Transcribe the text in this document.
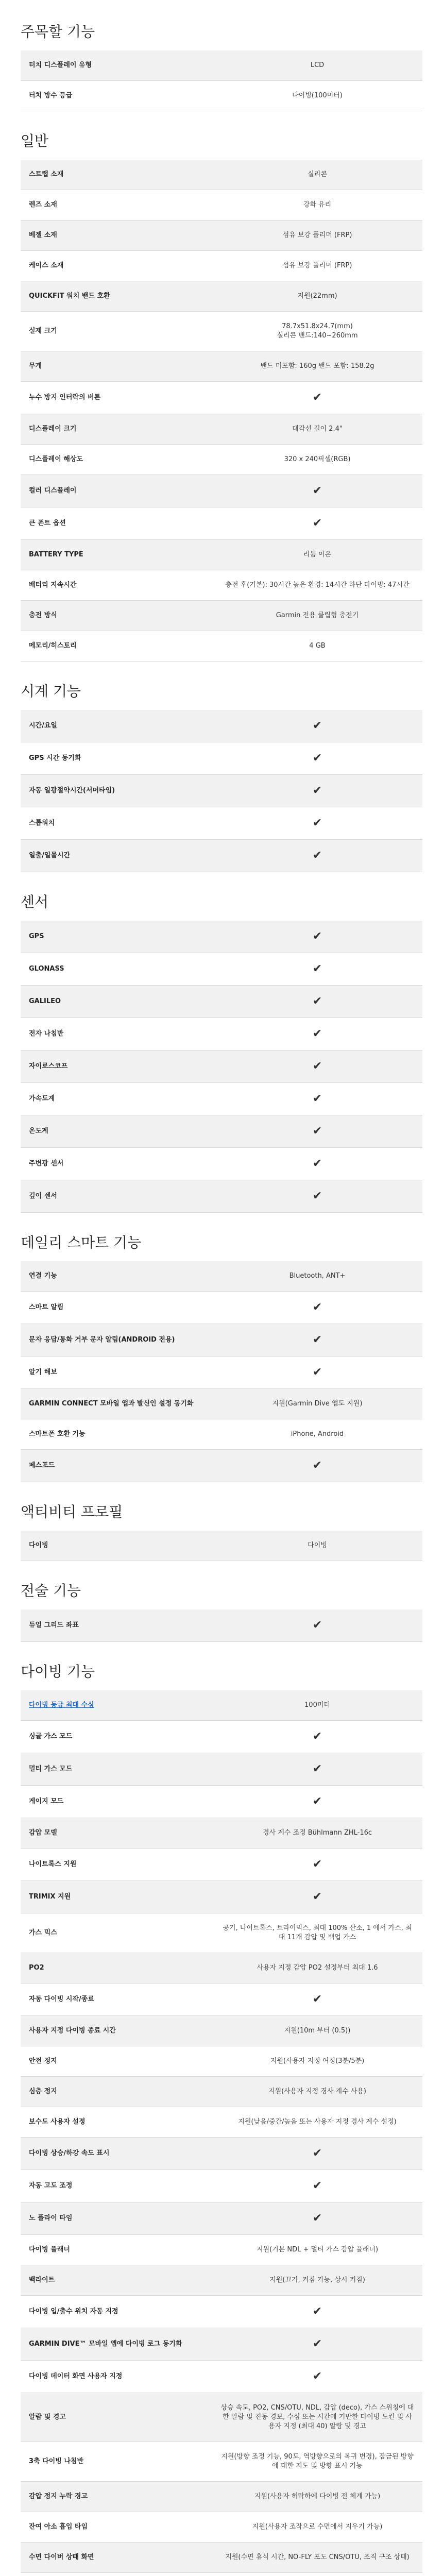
주목할 기능
터치 디스플레이 유형	LCD
터치 방수 등급	다이빙(100미터)
일반
스트랩 소재	실리콘
렌즈 소재	강화 유리
베젤 소재	섬유 보강 폴리머 (FRP)
케이스 소재	섬유 보강 폴리머 (FRP)
QUICKFIT 워치 밴드 호환	지원(22mm)
실제 크기	78.7x51.8x24.7(mm)
실리콘 밴드:140~260mm
무게	밴드 미포함: 160g 밴드 포함: 158.2g
누수 방지 인터락의 버튼	✔
디스플레이 크기	대각선 길이 2.4"
디스플레이 해상도	320 x 240픽셀(RGB)
컬러 디스플레이	✔
큰 폰트 옵션	✔
BATTERY TYPE	리튬 이온
배터리 지속시간	충전 후(기본): 30시간 높은 환경: 14시간 하단 다이빙: 47시간
충전 방식	Garmin 전용 클립형 충전기
메모리/히스토리	4 GB
시계 기능
시간/요일	✔
GPS 시간 동기화	✔
자동 일광절약시간(서머타임)	✔
스톱워치	✔
일출/일몰시간	✔
센서
GPS	✔
GLONASS	✔
GALILEO	✔
전자 나침반	✔
자이로스코프	✔
가속도계	✔
온도계	✔
주변광 센서	✔
깊이 센서	✔
데일리 스마트 기능
연결 기능	Bluetooth, ANT+
스마트 알림	✔
문자 응답/통화 거부 문자 알림(ANDROID 전용)	✔
알기 해보	✔
GARMIN CONNECT 모바일 앱과 발신인 설정 동기화	지원(Garmin Dive 앱도 지원)
스마트폰 호환 기능	iPhone, Android
페스포드	✔
액티비티 프로필
다이빙	다이빙
전술 기능
듀얼 그리드 좌표	✔
다이빙 기능
다이빙 등급 최대 수심	100미터
싱글 가스 모드	✔
멀티 가스 모드	✔
게이지 모드	✔
감압 모델	경사 계수 조정 Bühlmann ZHL-16c
나이트록스 지원	✔
TRIMIX 지원	✔
가스 믹스	공기, 나이트록스, 트라이믹스, 최대 100% 산소, 1 에서 가스, 최대 11개 감압 및 백업 가스
PO2	사용자 지정 감압 PO2 설정부터 최대 1.6
자동 다이빙 시작/종료	✔
사용자 지정 다이빙 종료 시간	지원(10m 부터 (0.5))
안전 정지	지원(사용자 지정 여정(3분/5분)
심층 정지	지원(사용자 지정 경사 계수 사용)
보수도 사용자 설정	지원(낮음/중간/높음 또는 사용자 지정 경사 계수 설정)
다이빙 상승/하강 속도 표시	✔
자동 고도 조정	✔
노 플라이 타임	✔
다이빙 플래너	지원(기본 NDL + 멀티 가스 감압 플래너)
백라이트	지원(끄기, 켜짐 가능, 상시 켜짐)
다이빙 입/출수 위치 자동 지정	✔
GARMIN DIVE™ 모바일 앱에 다이빙 로그 동기화	✔
다이빙 데이터 화면 사용자 지정	✔
알람 및 경고	상승 속도, PO2, CNS/OTU, NDL, 감압 (deco), 가스 스위칭에 대한 알람 및 진동 경보, 수심 또는 시간에 기반한 다이빙 도킨 및 사용자 지정 (최대 40) 알람 및 경고
3축 다이빙 나침반	지원(방향 조정 기능, 90도, 역방향으로의 복귀 변경), 잠금된 방향에 대한 지도 및 방향 표시 기능
감압 정지 누락 경고	지원(사용자 허락하에 다이빙 전 체계 가능)
잔여 아소 흡입 타임	지원(사용자 조작으로 수면에서 지우기 가능)
수면 다이버 상태 화면	지원(수면 휴식 시간, NO-FLY 포도 CNS/OTU, 조직 구조 상태)
